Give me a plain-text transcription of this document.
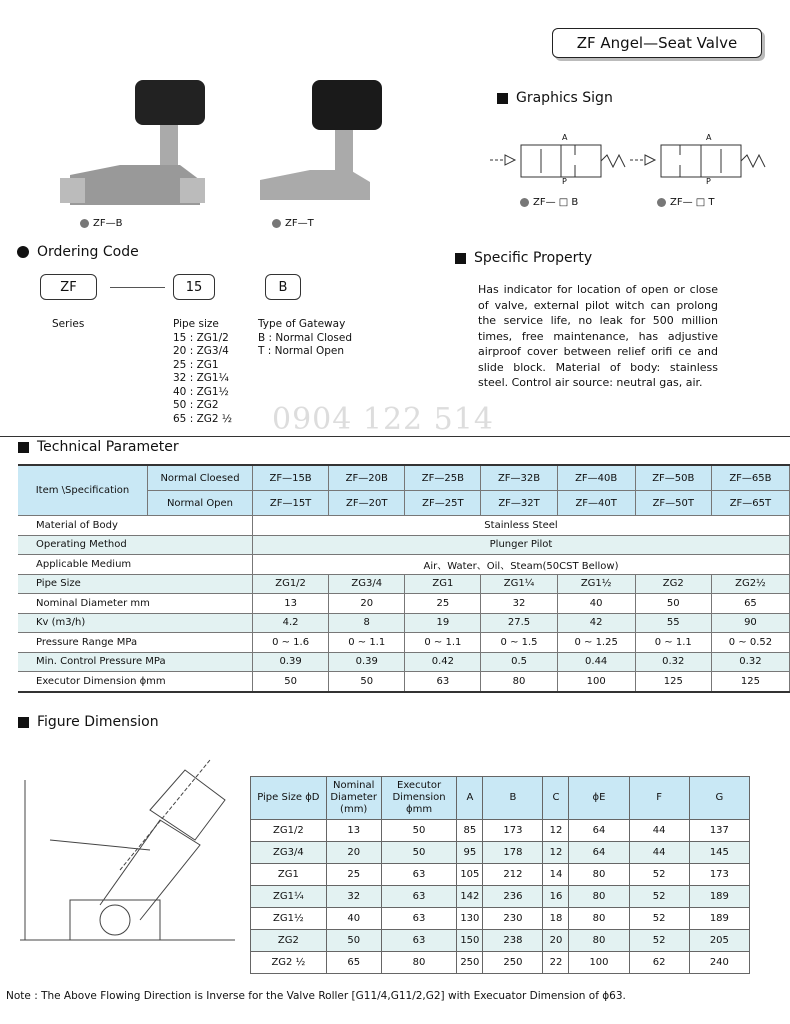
ZF Angel—Seat Valve
ZF—B	ZF—T
Graphics Sign
A
P
A
P
ZF— □ B	ZF— □ T
Ordering Code
ZF	15	B
Series	Pipe size
15 : ZG1/2
20 : ZG3/4
25 : ZG1
32 : ZG1¼
40 : ZG1½
50 : ZG2
65 : ZG2 ½
Type of Gateway
B : Normal Closed
T : Normal Open
0904 122 514
Specific Property
Has indicator for location of open or close of valve, external pilot witch can prolong the service life, no leak for 500 million times, free maintenance, has adjustive airproof cover between relief orifi ce and slide block. Material of body: stainless steel. Control air source: neutral gas, air.
Technical Parameter
Item \Specification	Normal Cloesed	ZF—15B	ZF—20B	ZF—25B	ZF—32B	ZF—40B	ZF—50B	ZF—65B
	Normal Open	ZF—15T	ZF—20T	ZF—25T	ZF—32T	ZF—40T	ZF—50T	ZF—65T
Material of Body		Stainless Steel						
Operating Method		Plunger Pilot						
Applicable Medium		Air、Water、Oil、Steam(50CST Bellow)						
Pipe Size		ZG1/2	ZG3/4	ZG1	ZG1¼	ZG1½	ZG2	ZG2½
Nominal Diameter mm		13	20	25	32	40	50	65
Kv (m3/h)		4.2	8	19	27.5	42	55	90
Pressure Range MPa		0 ~ 1.6	0 ~ 1.1	0 ~ 1.1	0 ~ 1.5	0 ~ 1.25	0 ~ 1.1	0 ~ 0.52
Min. Control Pressure MPa		0.39	0.39	0.42	0.5	0.44	0.32	0.32
Executor Dimension ϕmm		50	50	63	80	100	125	125
Figure Dimension
Pipe Size ϕD	Nominal Diameter (mm)	Executor Dimension ϕmm	A	B	C	ϕE	F	G
ZG1/2	13	50	85	173	12	64	44	137
ZG3/4	20	50	95	178	12	64	44	145
ZG1	25	63	105	212	14	80	52	173
ZG1¼	32	63	142	236	16	80	52	189
ZG1½	40	63	130	230	18	80	52	189
ZG2	50	63	150	238	20	80	52	205
ZG2 ½	65	80	250	250	22	100	62	240
Note : The Above Flowing Direction is Inverse for the Valve Roller [G11/4,G11/2,G2] with Execuator Dimension of ϕ63.
